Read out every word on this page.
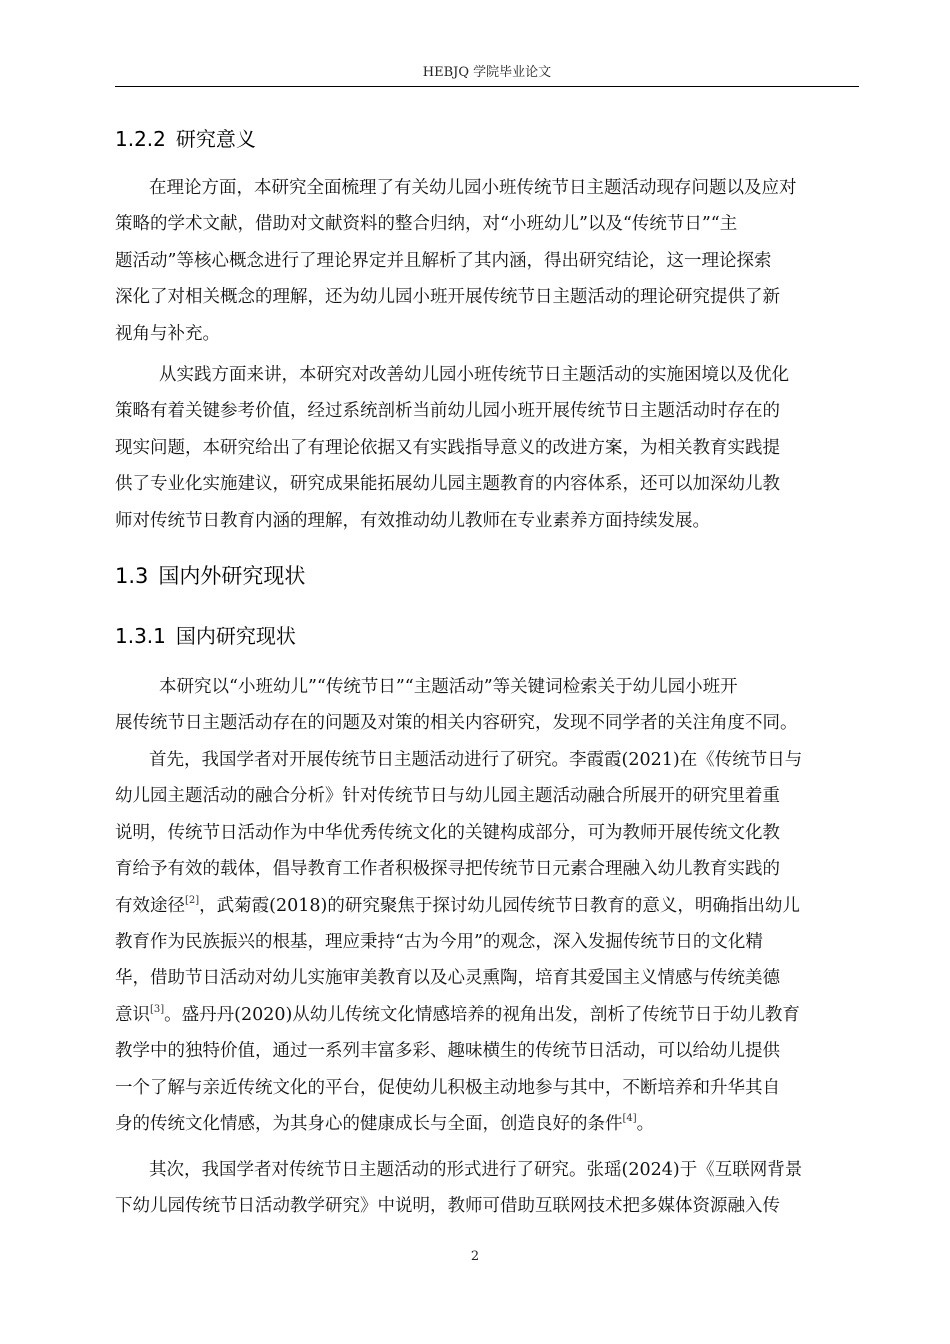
HEBJQ 学院毕业论文
1.2.2 研究意义

在理论方面，本研究全面梳理了有关幼儿园小班传统节日主题活动现存问题以及应对
策略的学术文献，借助对文献资料的整合归纳，对“小班幼儿”以及“传统节日”“主
题活动”等核心概念进行了理论界定并且解析了其内涵，得出研究结论，这一理论探索
深化了对相关概念的理解，还为幼儿园小班开展传统节日主题活动的理论研究提供了新
视角与补充。

从实践方面来讲，本研究对改善幼儿园小班传统节日主题活动的实施困境以及优化
策略有着关键参考价值，经过系统剖析当前幼儿园小班开展传统节日主题活动时存在的
现实问题，本研究给出了有理论依据又有实践指导意义的改进方案，为相关教育实践提
供了专业化实施建议，研究成果能拓展幼儿园主题教育的内容体系，还可以加深幼儿教
师对传统节日教育内涵的理解，有效推动幼儿教师在专业素养方面持续发展。

1.3 国内外研究现状
1.3.1 国内研究现状

本研究以“小班幼儿”“传统节日”“主题活动”等关键词检索关于幼儿园小班开
展传统节日主题活动存在的问题及对策的相关内容研究，发现不同学者的关注角度不同。

首先，我国学者对开展传统节日主题活动进行了研究。李霞霞(2021)在《传统节日与
幼儿园主题活动的融合分析》针对传统节日与幼儿园主题活动融合所展开的研究里着重
说明，传统节日活动作为中华优秀传统文化的关键构成部分，可为教师开展传统文化教
育给予有效的载体，倡导教育工作者积极探寻把传统节日元素合理融入幼儿教育实践的
有效途径[2]，武菊霞(2018)的研究聚焦于探讨幼儿园传统节日教育的意义，明确指出幼儿
教育作为民族振兴的根基，理应秉持“古为今用”的观念，深入发掘传统节日的文化精
华，借助节日活动对幼儿实施审美教育以及心灵熏陶，培育其爱国主义情感与传统美德
意识[3]。盛丹丹(2020)从幼儿传统文化情感培养的视角出发，剖析了传统节日于幼儿教育
教学中的独特价值，通过一系列丰富多彩、趣味横生的传统节日活动，可以给幼儿提供
一个了解与亲近传统文化的平台，促使幼儿积极主动地参与其中，不断培养和升华其自
身的传统文化情感，为其身心的健康成长与全面，创造良好的条件[4]。

其次，我国学者对传统节日主题活动的形式进行了研究。张瑶(2024)于《互联网背景
下幼儿园传统节日活动教学研究》中说明，教师可借助互联网技术把多媒体资源融入传

2
